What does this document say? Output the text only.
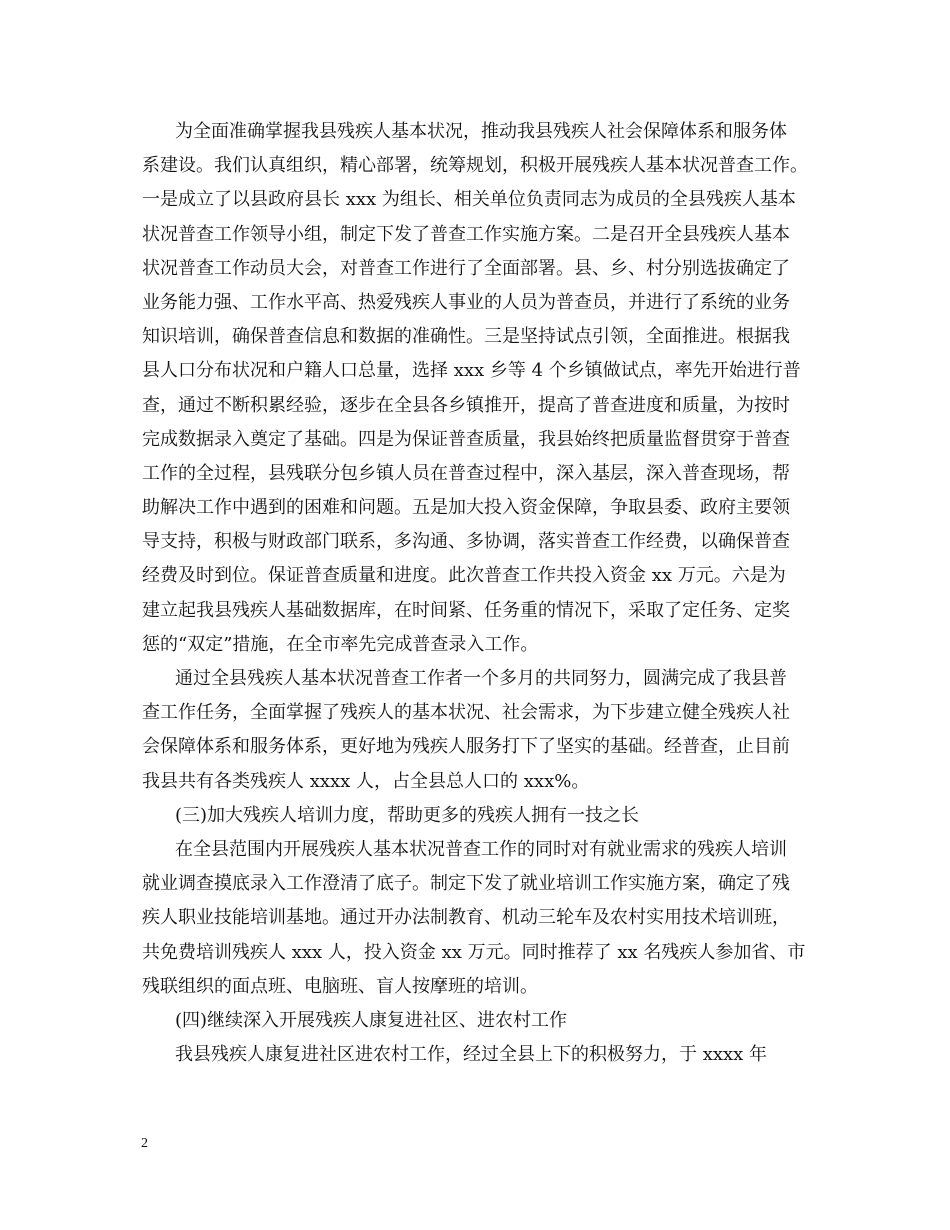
为全面准确掌握我县残疾人基本状况，推动我县残疾人社会保障体系和服务体
系建设。我们认真组织，精心部署，统筹规划，积极开展残疾人基本状况普查工作。
一是成立了以县政府县长 xxx 为组长、相关单位负责同志为成员的全县残疾人基本
状况普查工作领导小组，制定下发了普查工作实施方案。二是召开全县残疾人基本
状况普查工作动员大会，对普查工作进行了全面部署。县、乡、村分别选拔确定了
业务能力强、工作水平高、热爱残疾人事业的人员为普查员，并进行了系统的业务
知识培训，确保普查信息和数据的准确性。三是坚持试点引领，全面推进。根据我
县人口分布状况和户籍人口总量，选择 xxx 乡等 4 个乡镇做试点，率先开始进行普
查，通过不断积累经验，逐步在全县各乡镇推开，提高了普查进度和质量，为按时
完成数据录入奠定了基础。四是为保证普查质量，我县始终把质量监督贯穿于普查
工作的全过程，县残联分包乡镇人员在普查过程中，深入基层，深入普查现场，帮
助解决工作中遇到的困难和问题。五是加大投入资金保障，争取县委、政府主要领
导支持，积极与财政部门联系，多沟通、多协调，落实普查工作经费，以确保普查
经费及时到位。保证普查质量和进度。此次普查工作共投入资金 xx 万元。六是为
建立起我县残疾人基础数据库，在时间紧、任务重的情况下，采取了定任务、定奖
惩的“双定”措施，在全市率先完成普查录入工作。
通过全县残疾人基本状况普查工作者一个多月的共同努力，圆满完成了我县普
查工作任务，全面掌握了残疾人的基本状况、社会需求，为下步建立健全残疾人社
会保障体系和服务体系，更好地为残疾人服务打下了坚实的基础。经普查，止目前
我县共有各类残疾人 xxxx 人，占全县总人口的 xxx%。
(三)加大残疾人培训力度，帮助更多的残疾人拥有一技之长
在全县范围内开展残疾人基本状况普查工作的同时对有就业需求的残疾人培训
就业调查摸底录入工作澄清了底子。制定下发了就业培训工作实施方案，确定了残
疾人职业技能培训基地。通过开办法制教育、机动三轮车及农村实用技术培训班，
共免费培训残疾人 xxx 人，投入资金 xx 万元。同时推荐了 xx 名残疾人参加省、市
残联组织的面点班、电脑班、盲人按摩班的培训。
(四)继续深入开展残疾人康复进社区、进农村工作
我县残疾人康复进社区进农村工作，经过全县上下的积极努力，于 xxxx 年
2
